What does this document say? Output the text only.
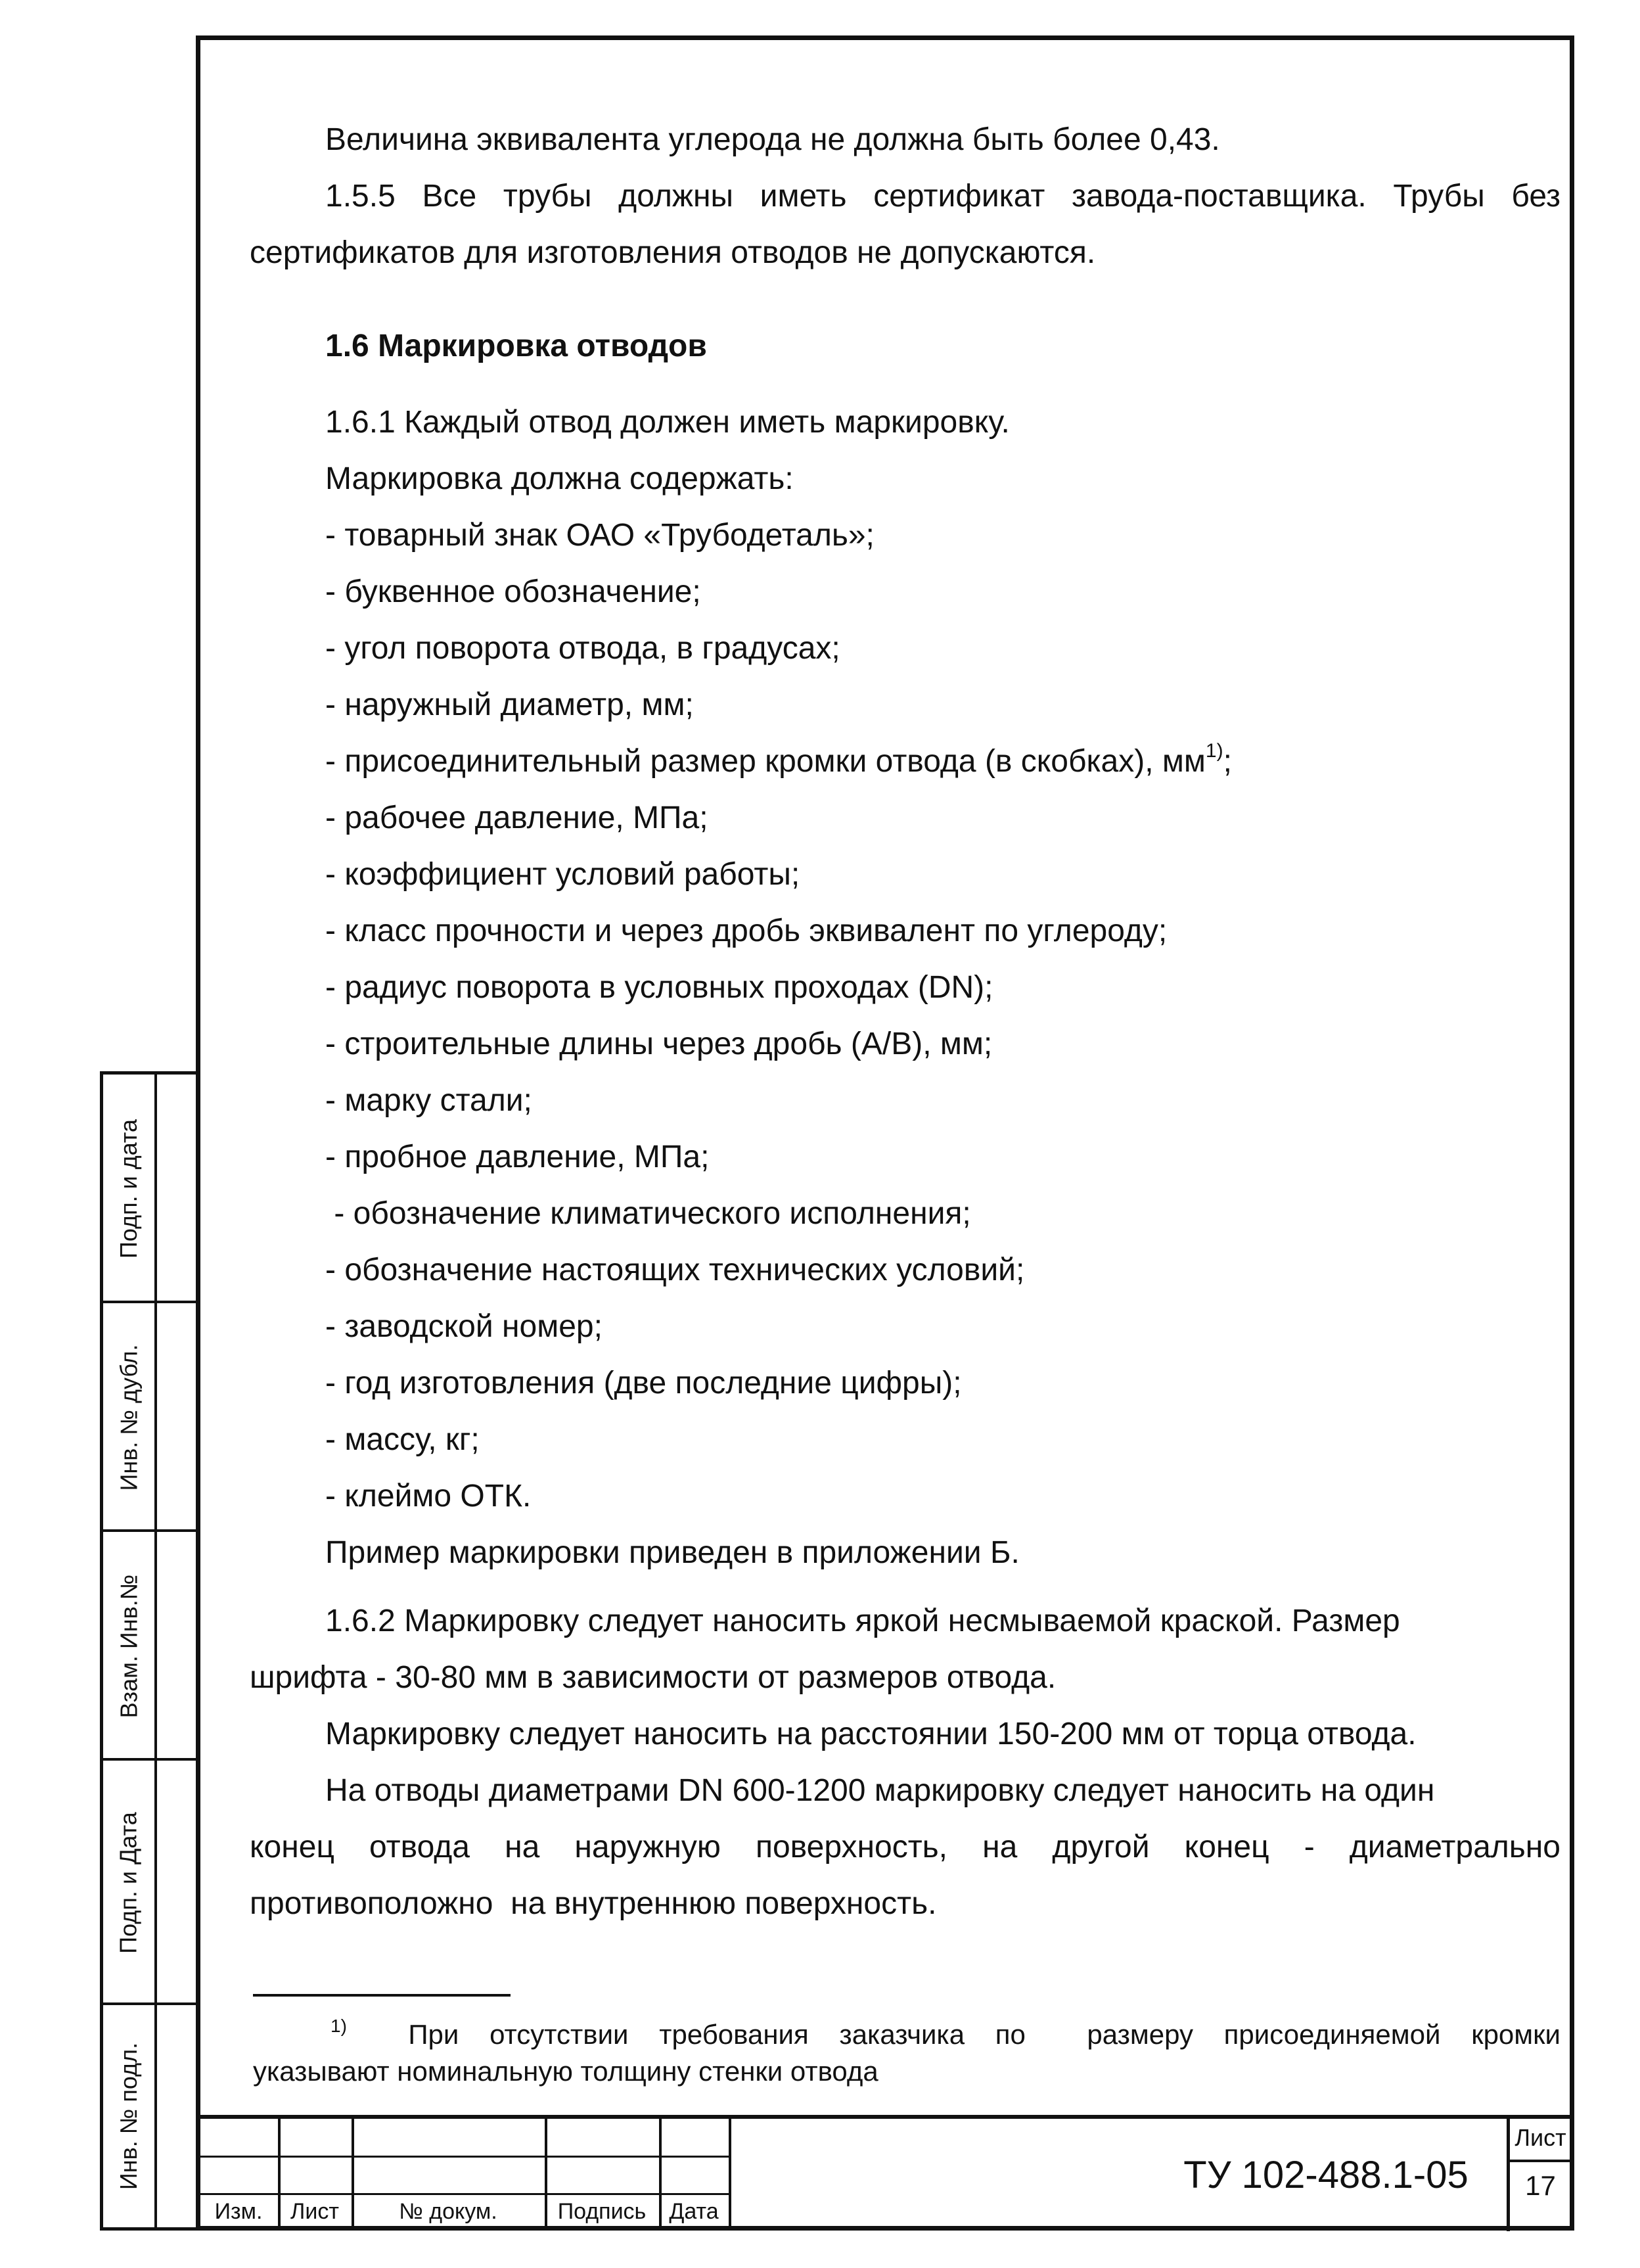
Величина эквивалента углерода не должна быть более 0,43.

1.5.5 Все трубы должны иметь сертификат завода-поставщика. Трубы без

сертификатов для изготовления отводов не допускаются.

1.6 Маркировка отводов

1.6.1 Каждый отвод должен иметь маркировку.

Маркировка должна содержать:

- товарный знак ОАО «Трубодеталь»;

- буквенное обозначение;

- угол поворота отвода, в градусах;

- наружный диаметр, мм;

- присоединительный размер кромки отвода (в скобках), $мм^{1)}$;

- рабочее давление, МПа;

- коэффициент условий работы;

- класс прочности и через дробь эквивалент по углероду;

- радиус поворота в условных проходах (DN);

- строительные длины через дробь (А/В), мм;

- марку стали;

- пробное давление, МПа;

- обозначение климатического исполнения;

- обозначение настоящих технических условий;

- заводской номер;

- год изготовления (две последние цифры);

- массу, кг;

- клеймо ОТК.

Пример маркировки приведен в приложении Б.

1.6.2 Маркировку следует наносить яркой несмываемой краской. Размер

шрифта - 30-80 мм в зависимости от размеров отвода.

Маркировку следует наносить на расстоянии 150-200 мм от торца отвода.

На отводы диаметрами DN 600-1200 маркировку следует наносить на один

конец отвода на наружную поверхность, на другой конец - диаметрально

противоположно  на внутреннюю поверхность.

$^{1)}$ При отсутствии требования заказчика по  размеру присоединяемой кромки
указывают номинальную толщину стенки отвода
Подп. и дата
Инв. № дубл.
Взам. Инв.№
Подп. и Дата
Инв. № подл.
Изм.	Лист	№ докум.	Подпись	Дата
ТУ 102-488.1-05
Лист
17
